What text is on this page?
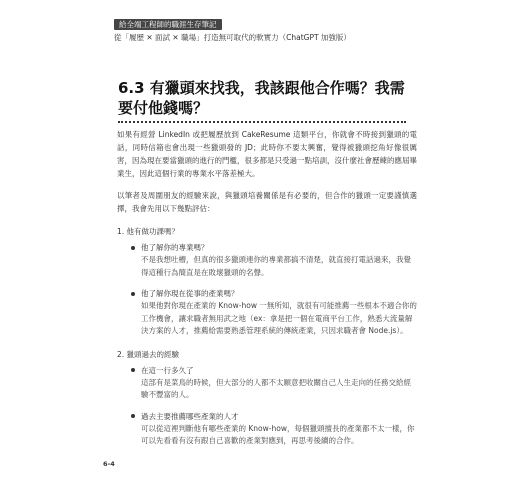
給全端工程師的職涯生存筆記
從「履歷 ✕ 面試 ✕ 職場」打造無可取代的軟實力（ChatGPT 加強版）
6.3 有獵頭來找我，我該跟他合作嗎？我需要付他錢嗎？

如果有經營 LinkedIn 或把履歷放到 CakeResume 這類平台，你就會不時接到獵頭的電話，同時信箱也會出現一些獵頭發的 JD；此時你不要太興奮，覺得被獵頭挖角好像很厲害，因為現在要當獵頭的進行的門檻，很多都是只受過一點培訓，沒什麼社會歷練的應屆畢業生，因此這個行業的專業水平落差極大。

以筆者及周圍朋友的經驗來說，與獵頭培養關係是有必要的，但合作的獵頭一定要謹慎選擇，我會先用以下幾點評估：

1. 他有做功課嗎？
他了解你的專業嗎？
不是我想吐槽，但真的很多獵頭連你的專業都搞不清楚，就直接打電話過來，我覺得這種行為簡直是在敗壞獵頭的名聲。
他了解你現在從事的產業嗎？
如果他對你現在產業的 Know-how 一無所知，就很有可能推薦一些根本不適合你的工作機會，讓求職者無用武之地（ex：拿是把一個在電商平台工作，熟悉大流量解決方案的人才，推薦給需要熟悉管理系統的傳統產業，只因求職者會 Node.js）。
2. 獵頭過去的經驗
在這一行多久了
這部有是菜鳥的時候，但大部分的人都不太願意把收關自己人生走向的任務交給經驗不豐富的人。
過去主要推薦哪些產業的人才
可以從這裡判斷他有哪些產業的 Know-how，每個獵頭擅長的產業都不太一樣，你可以先看看有沒有跟自己喜歡的產業對應到，再思考後續的合作。
6-4
